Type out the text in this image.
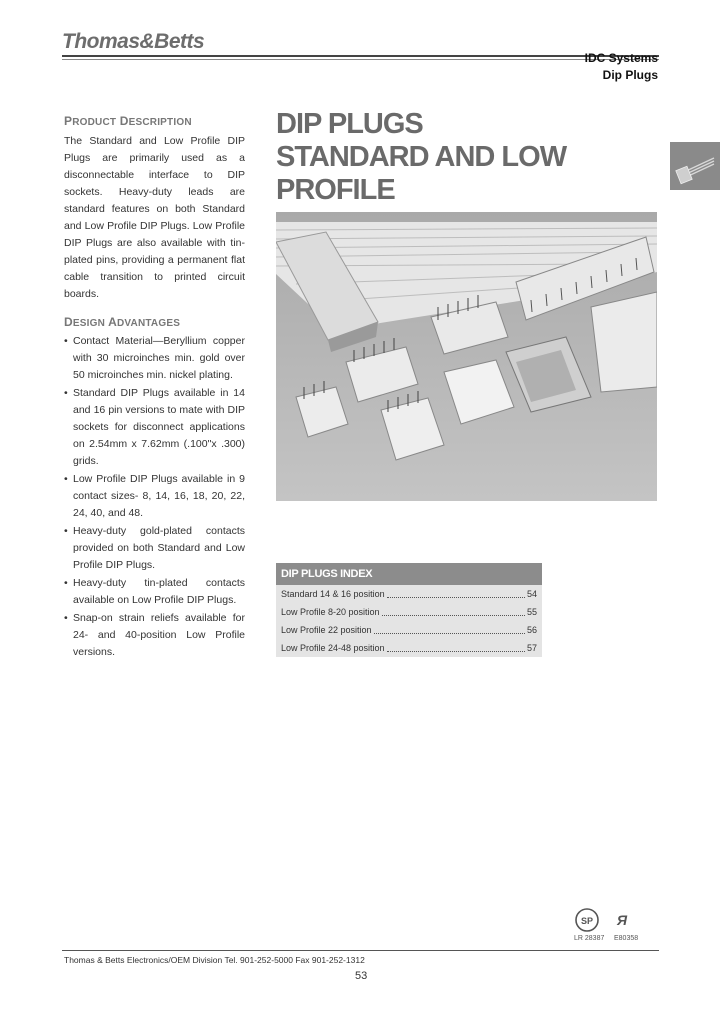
Thomas&Betts
IDC Systems
Dip Plugs
PRODUCT DESCRIPTION
The Standard and Low Profile DIP Plugs are primarily used as a disconnectable interface to DIP sockets. Heavy-duty leads are standard features on both Standard and Low Profile DIP Plugs. Low Profile DIP Plugs are also available with tin-plated pins, providing a permanent flat cable transition to printed circuit boards.
DESIGN ADVANTAGES
• Contact Material—Beryllium copper with 30 microinches min. gold over 50 microinches min. nickel plating.
• Standard DIP Plugs available in 14 and 16 pin versions to mate with DIP sockets for disconnect applications on 2.54mm x 7.62mm (.100"x .300) grids.
• Low Profile DIP Plugs available in 9 contact sizes- 8, 14, 16, 18, 20, 22, 24, 40, and 48.
• Heavy-duty gold-plated contacts provided on both Standard and Low Profile DIP Plugs.
• Heavy-duty tin-plated contacts available on Low Profile DIP Plugs.
• Snap-on strain reliefs available for 24- and 40-position Low Profile versions.
DIP PLUGS
STANDARD AND LOW
PROFILE
DIP PLUGS INDEX
Standard 14 & 16 position	54
Low Profile 8-20 position	55
Low Profile 22 position	56
Low Profile 24-48 position	57
SP Я
LR 28387 E80358
Thomas & Betts Electronics/OEM Division Tel. 901-252-5000 Fax 901-252-1312
53
